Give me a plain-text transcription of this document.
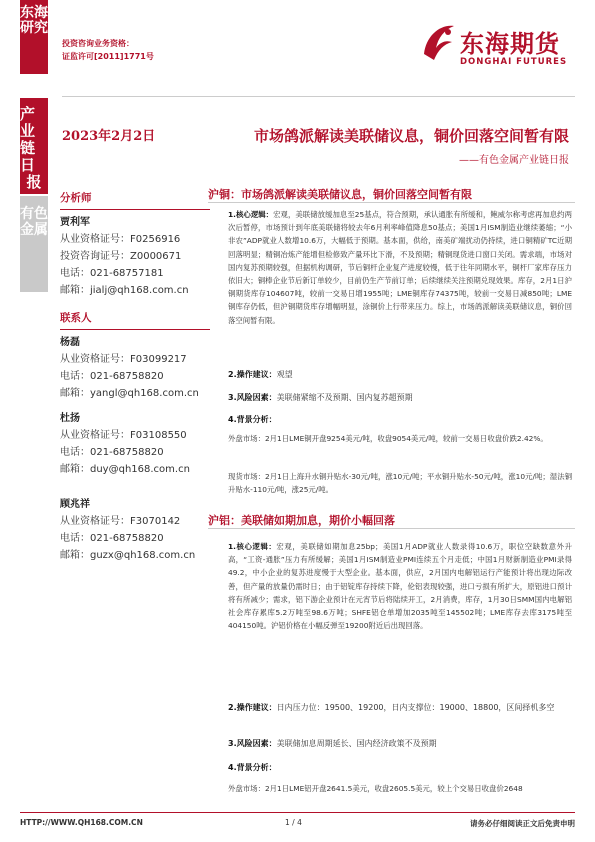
东海
研究
产业
链日
报
有色
金属
投资咨询业务资格：
证监许可[2011]1771号	东海期货
DONGHAI FUTURES
2023年2月2日	市场鸽派解读美联储议息，铜价回落空间暂有限
——有色金属产业链日报
分析师
贾利军
从业资格证号：F0256916
投资咨询证号：Z0000671
电话：021-68757181
邮箱：jialj@qh168.com.cn
联系人
杨磊
从业资格证号：F03099217
电话：021-68758820
邮箱：yangl@qh168.com.cn
杜扬
从业资格证号：F03108550
电话：021-68758820
邮箱：duy@qh168.com.cn
顾兆祥
从业资格证号：F3070142
电话：021-68758820
邮箱：guzx@qh168.com.cn
沪铜：市场鸽派解读美联储议息，铜价回落空间暂有限
1.核心逻辑：宏观，美联储放缓加息至25基点，符合预期，承认通胀有所缓和，鲍威尔称考虑再加息约两次后暂停，市场预计到年底美联储将较去年6月利率峰值降息50基点；美国1月ISM制造业继续萎缩；“小非农”ADP就业人数增10.6万，大幅低于预期。基本面，供给，南美矿端扰动仍持续，进口铜精矿TC近期回落明显；精铜冶炼产能增但检修致产量环比下滑，不及预期；精铜现货进口窗口关闭。需求端，市场对国内复苏预期较强，但据机构调研，节后铜杆企业复产进度较慢，低于往年同期水平，铜杆厂家库存压力依旧大；铜棒企业节后新订单较少，目前仍生产节前订单；后续继续关注预期兑现效果。库存，2月1日沪铜期货库存104607吨，较前一交易日增1955吨；LME铜库存74375吨，较前一交易日减850吨；LME铜库存仍低，但沪铜期货库存增幅明显，涂铜价上行带来压力。综上，市场鸽派解读美联储议息，铜价回落空间暂有限。
2.操作建议：观望
3.风险因素：美联储紧缩不及预期、国内复苏超预期
4.背景分析：
外盘市场：2月1日LME铜开盘9254美元/吨，收盘9054美元/吨，较前一交易日收盘价跌2.42%。
现货市场：2月1日上海升水铜升贴水-30元/吨，涨10元/吨；平水铜升贴水-50元/吨，涨10元/吨；湿法铜升贴水-110元/吨，涨25元/吨。
沪铝：美联储如期加息，期价小幅回落
1.核心逻辑：宏观，美联储如期加息25bp；美国1月ADP就业人数录得10.6万，职位空缺数意外升高，“工资-通胀”压力有所缓解；美国1月ISM制造业PMI连续五个月走低；中国1月财新制造业PMI录得49.2，中小企业的复苏进度慢于大型企业。基本面，供应，2月国内电解铝运行产能预计将出现边际改善，但产量的放量仍需时日；由于铝锭库存持续下降，伦铝表现较强，进口亏损有所扩大，原铝进口预计将有所减少；需求，铝下游企业预计在元宵节后将陆续开工，2月消费，库存，1月30日SMM国内电解铝社会库存累库5.2万吨至98.6万吨；SHFE铝仓单增加2035吨至145502吨；LME库存去库3175吨至404150吨。沪铝价格在小幅反弹至19200附近后出现回落。
2.操作建议：日内压力位：19500、19200，日内支撑位：19000、18800，区间择机多空
3.风险因素：美联储加息周期延长、国内经济政策不及预期
4.背景分析：
外盘市场：2月1日LME铝开盘2641.5美元，收盘2605.5美元，较上个交易日收盘价2648
HTTP://WWW.QH168.COM.CN	1 / 4	请务必仔细阅读正文后免责申明
